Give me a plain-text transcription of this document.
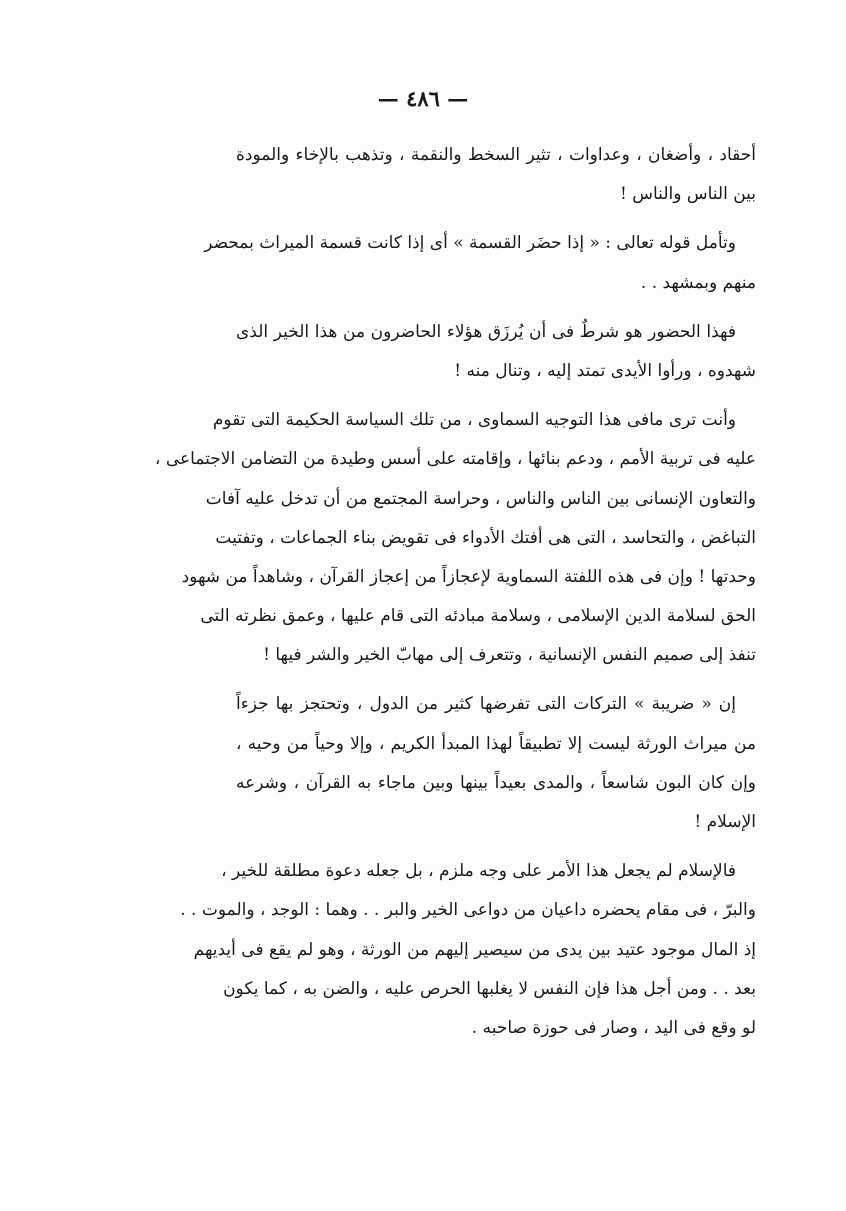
— ٤٨٦ —
أحقاد ، وأضغان ، وعداوات ، تثير السخط والنقمة ، وتذهب بالإخاء والمودة
بين الناس والناس !
وتأمل قوله تعالى : « إذا حضَر القسمة » أى إذا كانت قسمة الميراث بمحضر
منهم وبمشهد . .
فهذا الحضور هو شرطٌ فى أن يُرزَق هؤلاء الحاضرون من هذا الخير الذى
شهدوه ، ورأوا الأيدى تمتد إليه ، وتنال منه !
وأنت ترى مافى هذا التوجيه السماوى ، من تلك السياسة الحكيمة التى تقوم
عليه فى تربية الأمم ، ودعم بنائها ، وإقامته على أسس وطيدة من التضامن الاجتماعى ،
والتعاون الإنسانى بين الناس والناس ، وحراسة المجتمع من أن تدخل عليه آفات
التباغض ، والتحاسد ، التى هى أفتك الأدواء فى تقويض بناء الجماعات ، وتفتيت
وحدتها ! وإن فى هذه اللفتة السماوية لإعجازاً من إعجاز القرآن ، وشاهداً من شهود
الحق لسلامة الدين الإسلامى ، وسلامة مبادئه التى قام عليها ، وعمق نظرته التى
تنفذ إلى صميم النفس الإنسانية ، وتتعرف إلى مهابّ الخير والشر فيها !
إن « ضريبة » التركات التى تفرضها كثير من الدول ، وتحتجز بها جزءاً
من ميراث الورثة ليست إلا تطبيقاً لهذا المبدأ الكريم ، وإلا وحياً من وحيه ،
وإن كان البون شاسعاً ، والمدى بعيداً بينها وبين ماجاء به القرآن ، وشرعه
الإسلام !
فالإسلام لم يجعل هذا الأمر على وجه ملزم ، بل جعله دعوة مطلقة للخير ،
والبرّ ، فى مقام يحضره داعيان من دواعى الخير والبر . . وهما : الوجد ، والموت . .
إذ المال موجود عتيد بين يدى من سيصير إليهم من الورثة ، وهو لم يقع فى أيديهم
بعد . . ومن أجل هذا فإن النفس لا يغلبها الحرص عليه ، والضن به ، كما يكون
لو وقع فى اليد ، وصار فى حوزة صاحبه .
